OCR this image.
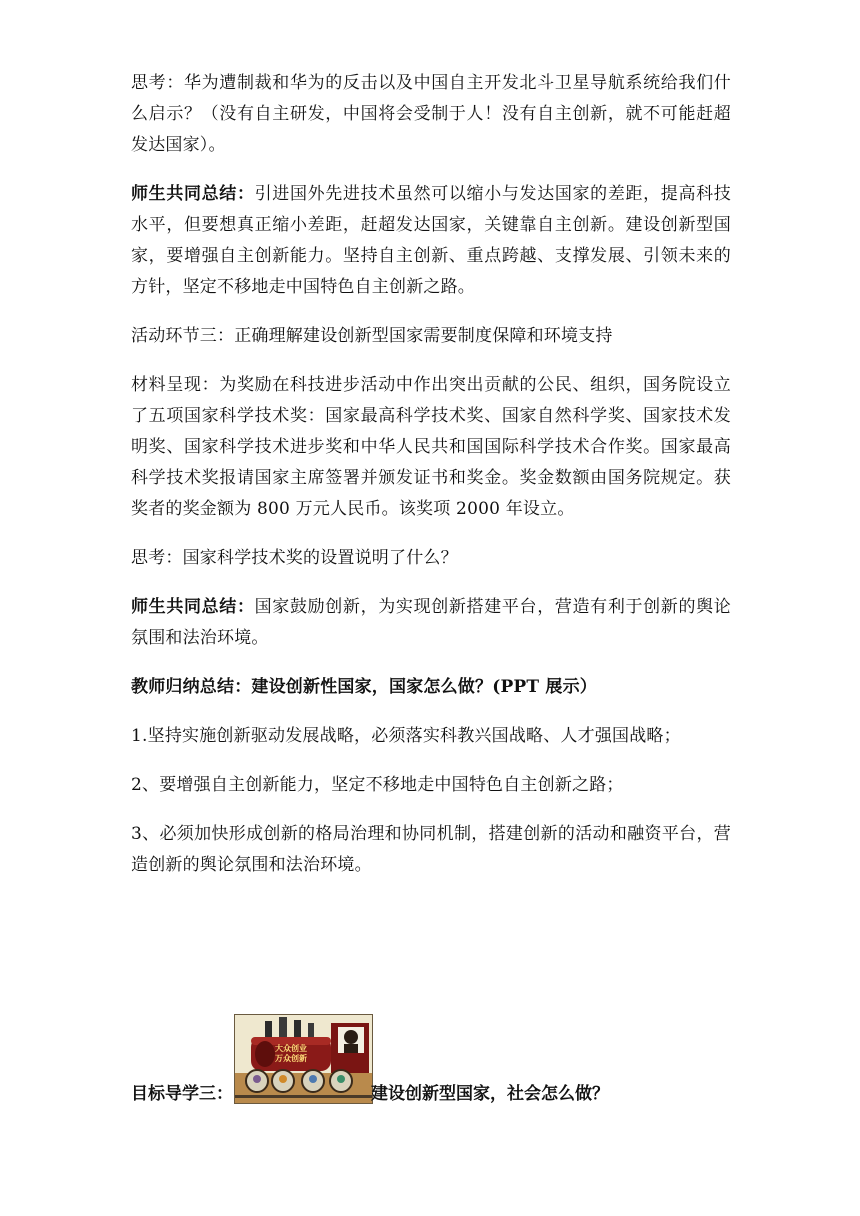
思考：华为遭制裁和华为的反击以及中国自主开发北斗卫星导航系统给我们什么启示？（没有自主研发，中国将会受制于人！没有自主创新，就不可能赶超发达国家）。

师生共同总结：引进国外先进技术虽然可以缩小与发达国家的差距，提高科技水平，但要想真正缩小差距，赶超发达国家，关键靠自主创新。建设创新型国家，要增强自主创新能力。坚持自主创新、重点跨越、支撑发展、引领未来的方针，坚定不移地走中国特色自主创新之路。

活动环节三：正确理解建设创新型国家需要制度保障和环境支持

材料呈现：为奖励在科技进步活动中作出突出贡献的公民、组织，国务院设立了五项国家科学技术奖：国家最高科学技术奖、国家自然科学奖、国家技术发明奖、国家科学技术进步奖和中华人民共和国国际科学技术合作奖。国家最高科学技术奖报请国家主席签署并颁发证书和奖金。奖金数额由国务院规定。获奖者的奖金额为 800 万元人民币。该奖项 2000 年设立。

思考：国家科学技术奖的设置说明了什么？

师生共同总结：国家鼓励创新，为实现创新搭建平台，营造有利于创新的舆论氛围和法治环境。

教师归纳总结：建设创新性国家，国家怎么做？(PPT 展示）

1.坚持实施创新驱动发展战略，必须落实科教兴国战略、人才强国战略；

2、要增强自主创新能力，坚定不移地走中国特色自主创新之路；

3、必须加快形成创新的格局治理和协同机制，搭建创新的活动和融资平台，营造创新的舆论氛围和法治环境。

目标导学三：
大众创业
万众创新
建设创新型国家，社会怎么做？
